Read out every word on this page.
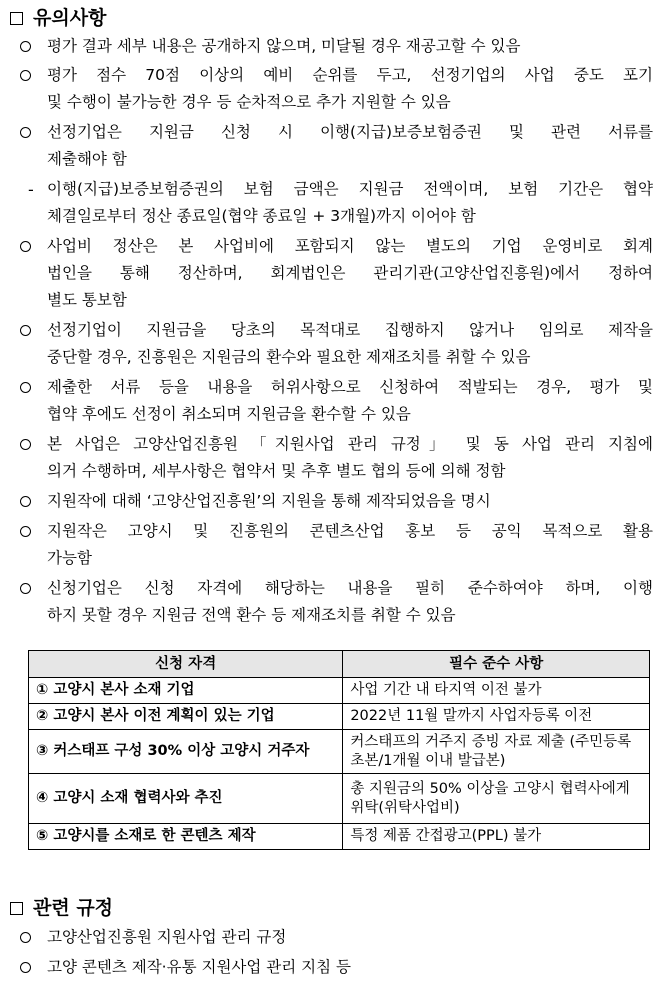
유의사항
평가 결과 세부 내용은 공개하지 않으며, 미달될 경우 재공고할 수 있음
평가 점수 70점 이상의 예비 순위를 두고, 선정기업의 사업 중도 포기
및 수행이 불가능한 경우 등 순차적으로 추가 지원할 수 있음
선정기업은 지원금 신청 시 이행(지급)보증보험증권 및 관련 서류를
제출해야 함
- 이행(지급)보증보험증권의 보험 금액은 지원금 전액이며, 보험 기간은 협약
체결일로부터 정산 종료일(협약 종료일 + 3개월)까지 이어야 함
사업비 정산은 본 사업비에 포함되지 않는 별도의 기업 운영비로 회계
법인을 통해 정산하며, 회계법인은 관리기관(고양산업진흥원)에서 정하여
별도 통보함
선정기업이 지원금을 당초의 목적대로 집행하지 않거나 임의로 제작을
중단할 경우, 진흥원은 지원금의 환수와 필요한 제재조치를 취할 수 있음
제출한 서류 등을 내용을 허위사항으로 신청하여 적발되는 경우, 평가 및
협약 후에도 선정이 취소되며 지원금을 환수할 수 있음
본 사업은 고양산업진흥원 「지원사업 관리 규정」 및 동 사업 관리 지침에
의거 수행하며, 세부사항은 협약서 및 추후 별도 협의 등에 의해 정함
지원작에 대해 ‘고양산업진흥원’의 지원을 통해 제작되었음을 명시
지원작은 고양시 및 진흥원의 콘텐츠산업 홍보 등 공익 목적으로 활용
가능함
신청기업은 신청 자격에 해당하는 내용을 필히 준수하여야 하며, 이행
하지 못할 경우 지원금 전액 환수 등 제재조치를 취할 수 있음
신청 자격	필수 준수 사항
① 고양시 본사 소재 기업	사업 기간 내 타지역 이전 불가
② 고양시 본사 이전 계획이 있는 기업	2022년 11월 말까지 사업자등록 이전
③ 커스태프 구성 30% 이상 고양시 거주자	커스태프의 거주지 증빙 자료 제출 (주민등록초본/1개월 이내 발급본)
④ 고양시 소재 협력사와 추진	총 지원금의 50% 이상을 고양시 협력사에게 위탁(위탁사업비)
⑤ 고양시를 소재로 한 콘텐츠 제작	특정 제품 간접광고(PPL) 불가
관련 규정
고양산업진흥원 지원사업 관리 규정
고양 콘텐츠 제작·유통 지원사업 관리 지침 등
